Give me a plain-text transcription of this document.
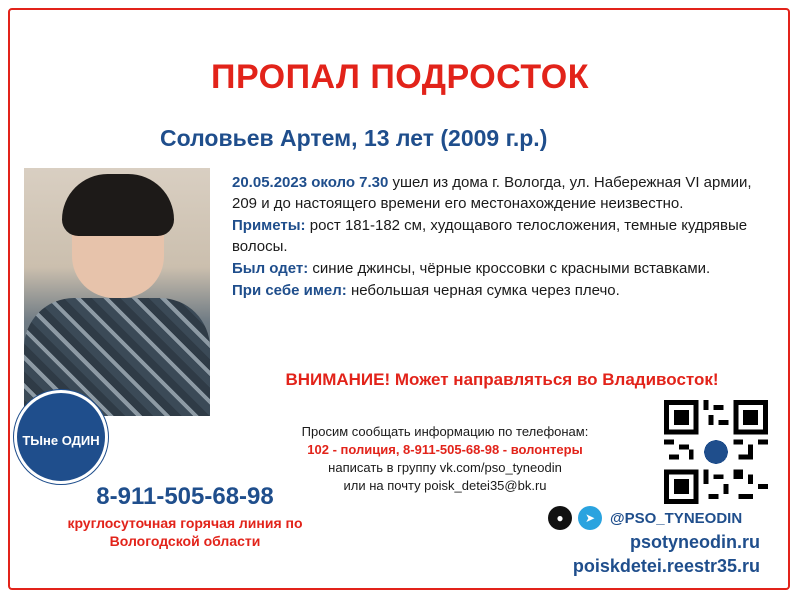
ПРОПАЛ ПОДРОСТОК
Соловьев Артем, 13 лет (2009 г.р.)

20.05.2023 около 7.30 ушел из дома г. Вологда, ул. Набережная VI армии, 209 и до настоящего времени его местонахождение неизвестно.

Приметы: рост 181-182 см, худощавого телосложения, темные кудрявые волосы.

Был одет: синие джинсы, чёрные кроссовки с красными вставками.

При себе имел: небольшая черная сумка через плечо.

ВНИМАНИЕ! Может направляться во Владивосток!
ТЫне ОДИН
Просим сообщать информацию по телефонам:
102 - полиция, 8-911-505-68-98 - волонтеры
написать в группу vk.com/pso_tyneodin
или на почту poisk_detei35@bk.ru
8-911-505-68-98
круглосуточная горячая линия по
Вологодской области
●	➤ @PSO_TYNEODIN
psotyneodin.ru
poiskdetei.reestr35.ru
